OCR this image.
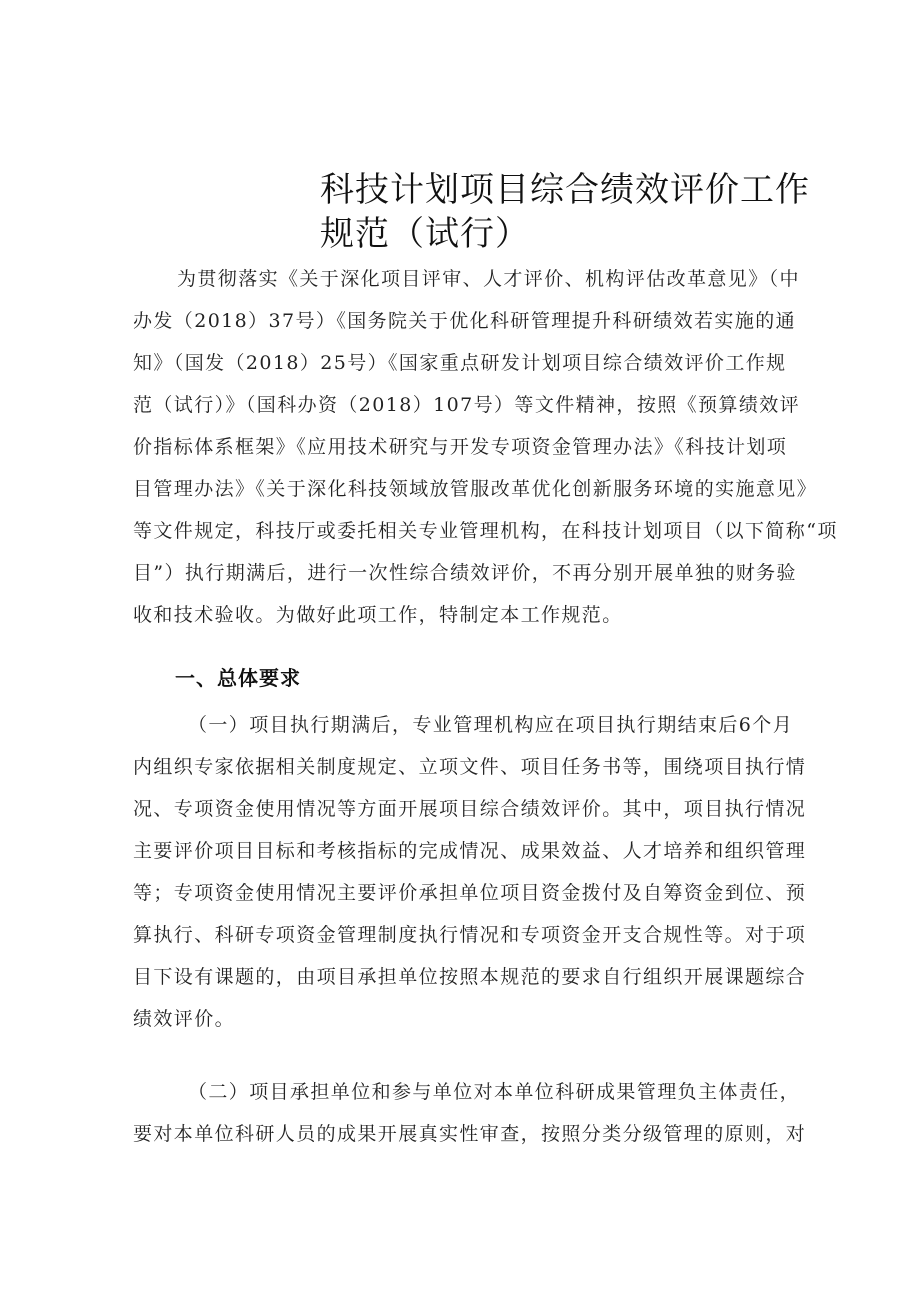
科技计划项目综合绩效评价工作
规范（试行）
为贯彻落实《关于深化项目评审、人才评价、机构评估改革意见》（中
办发（2018）37号）《国务院关于优化科研管理提升科研绩效若实施的通
知》（国发（2018）25号）《国家重点研发计划项目综合绩效评价工作规
范（试行）》（国科办资（2018）107号）等文件精神，按照《预算绩效评
价指标体系框架》《应用技术研究与开发专项资金管理办法》《科技计划项
目管理办法》《关于深化科技领域放管服改革优化创新服务环境的实施意见》
等文件规定，科技厅或委托相关专业管理机构，在科技计划项目（以下简称“项
目”）执行期满后，进行一次性综合绩效评价，不再分别开展单独的财务验
收和技术验收。为做好此项工作，特制定本工作规范。
一、总体要求
（一）项目执行期满后，专业管理机构应在项目执行期结束后6个月
内组织专家依据相关制度规定、立项文件、项目任务书等，围绕项目执行情
况、专项资金使用情况等方面开展项目综合绩效评价。其中，项目执行情况
主要评价项目目标和考核指标的完成情况、成果效益、人才培养和组织管理
等；专项资金使用情况主要评价承担单位项目资金拨付及自筹资金到位、预
算执行、科研专项资金管理制度执行情况和专项资金开支合规性等。对于项
目下设有课题的，由项目承担单位按照本规范的要求自行组织开展课题综合
绩效评价。
（二）项目承担单位和参与单位对本单位科研成果管理负主体责任，
要对本单位科研人员的成果开展真实性审查，按照分类分级管理的原则，对
